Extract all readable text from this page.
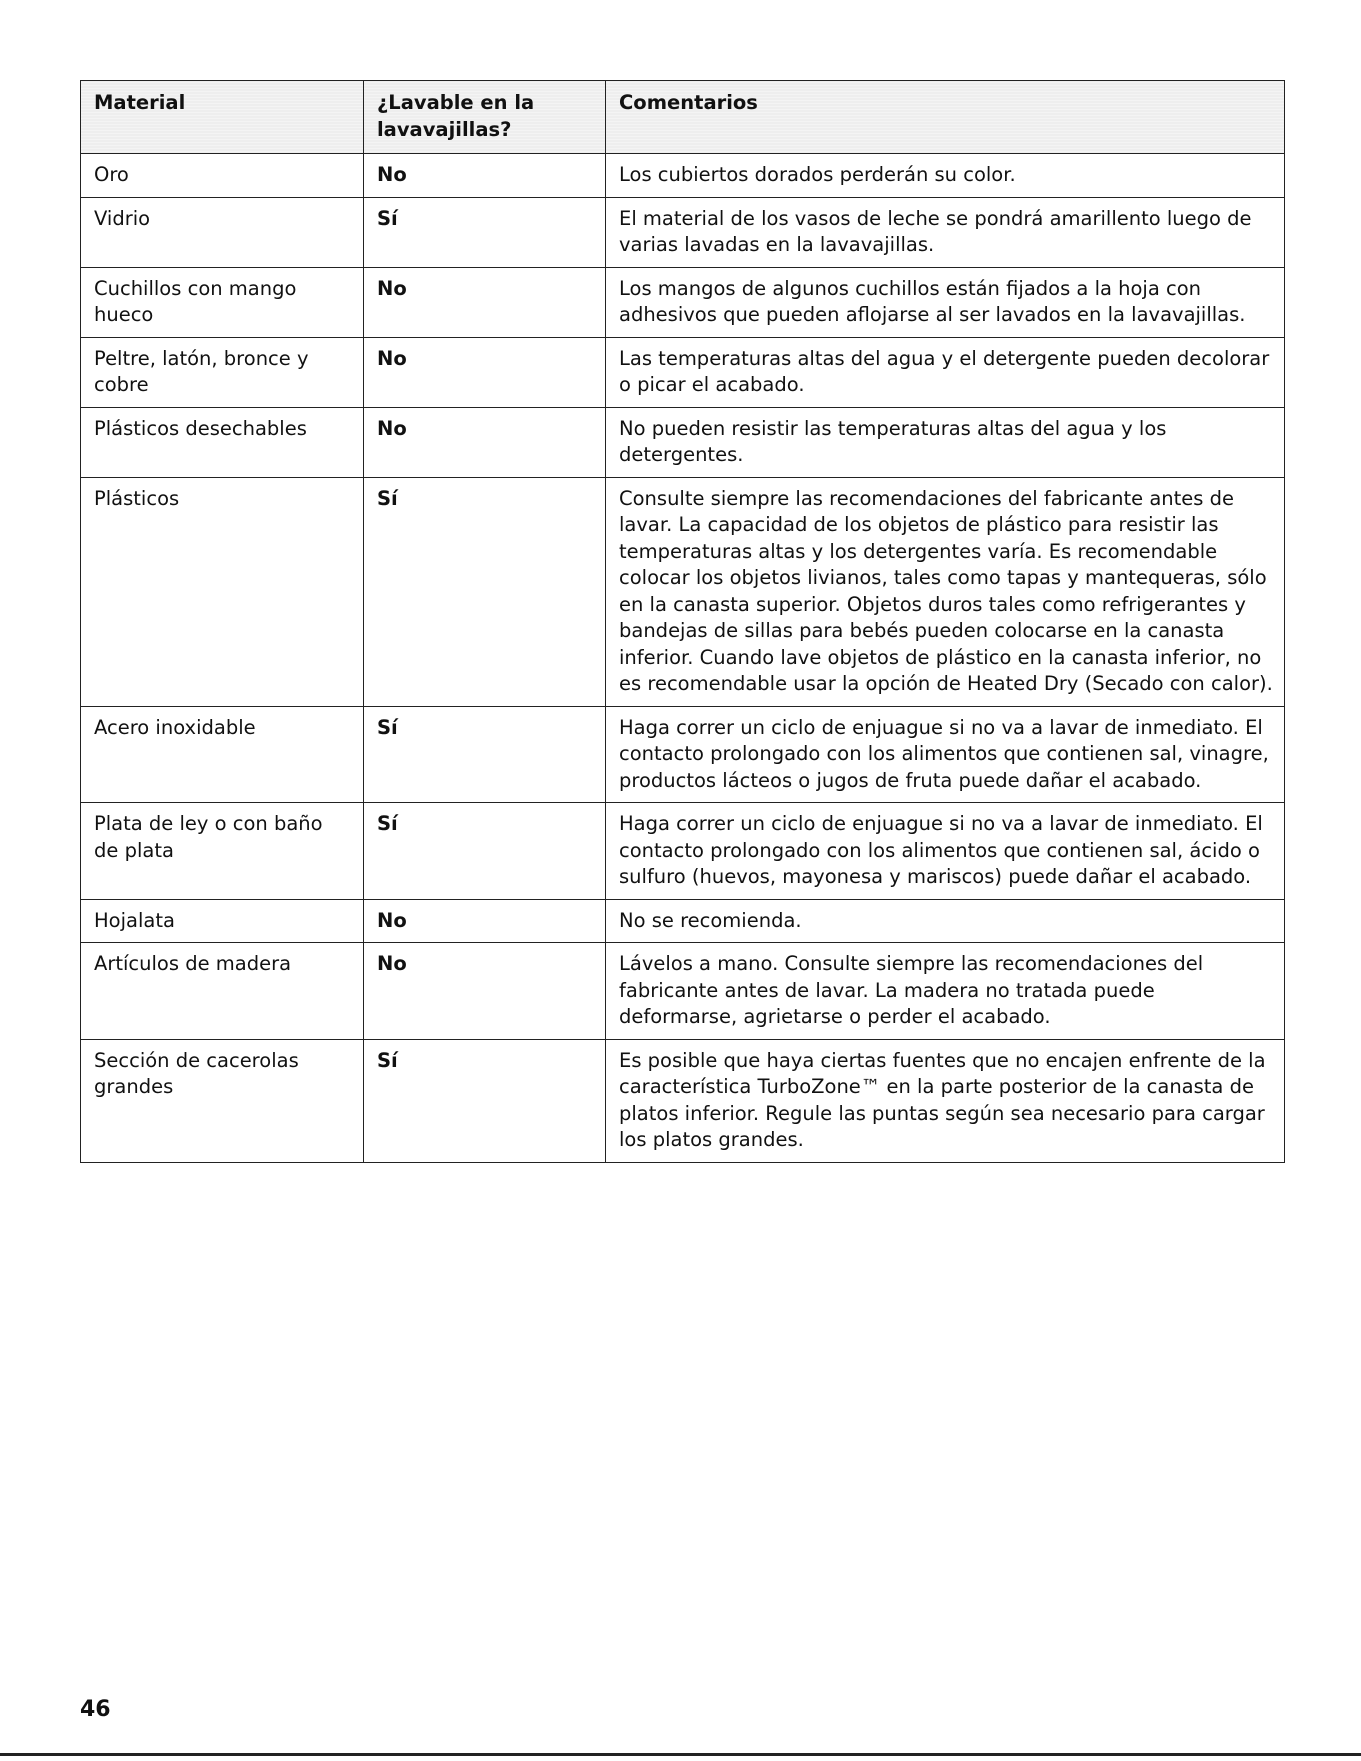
Material	¿Lavable en la lavavajillas?	Comentarios
Oro	No	Los cubiertos dorados perderán su color.
Vidrio	Sí	El material de los vasos de leche se pondrá amarillento luego de varias lavadas en la lavavajillas.
Cuchillos con mango hueco	No	Los mangos de algunos cuchillos están fijados a la hoja con adhesivos que pueden aflojarse al ser lavados en la lavavajillas.
Peltre, latón, bronce y cobre	No	Las temperaturas altas del agua y el detergente pueden decolorar o picar el acabado.
Plásticos desechables	No	No pueden resistir las temperaturas altas del agua y los detergentes.
Plásticos	Sí	Consulte siempre las recomendaciones del fabricante antes de lavar. La capacidad de los objetos de plástico para resistir las temperaturas altas y los detergentes varía. Es recomendable colocar los objetos livianos, tales como tapas y mantequeras, sólo en la canasta superior. Objetos duros tales como refrigerantes y bandejas de sillas para bebés pueden colocarse en la canasta inferior. Cuando lave objetos de plástico en la canasta inferior, no es recomendable usar la opción de Heated Dry (Secado con calor).
Acero inoxidable	Sí	Haga correr un ciclo de enjuague si no va a lavar de inmediato. El contacto prolongado con los alimentos que contienen sal, vinagre, productos lácteos o jugos de fruta puede dañar el acabado.
Plata de ley o con baño de plata	Sí	Haga correr un ciclo de enjuague si no va a lavar de inmediato. El contacto prolongado con los alimentos que contienen sal, ácido o sulfuro (huevos, mayonesa y mariscos) puede dañar el acabado.
Hojalata	No	No se recomienda.
Artículos de madera	No	Lávelos a mano. Consulte siempre las recomendaciones del fabricante antes de lavar. La madera no tratada puede deformarse, agrietarse o perder el acabado.
Sección de cacerolas grandes	Sí	Es posible que haya ciertas fuentes que no encajen enfrente de la característica TurboZone™ en la parte posterior de la canasta de platos inferior. Regule las puntas según sea necesario para cargar los platos grandes.
46
